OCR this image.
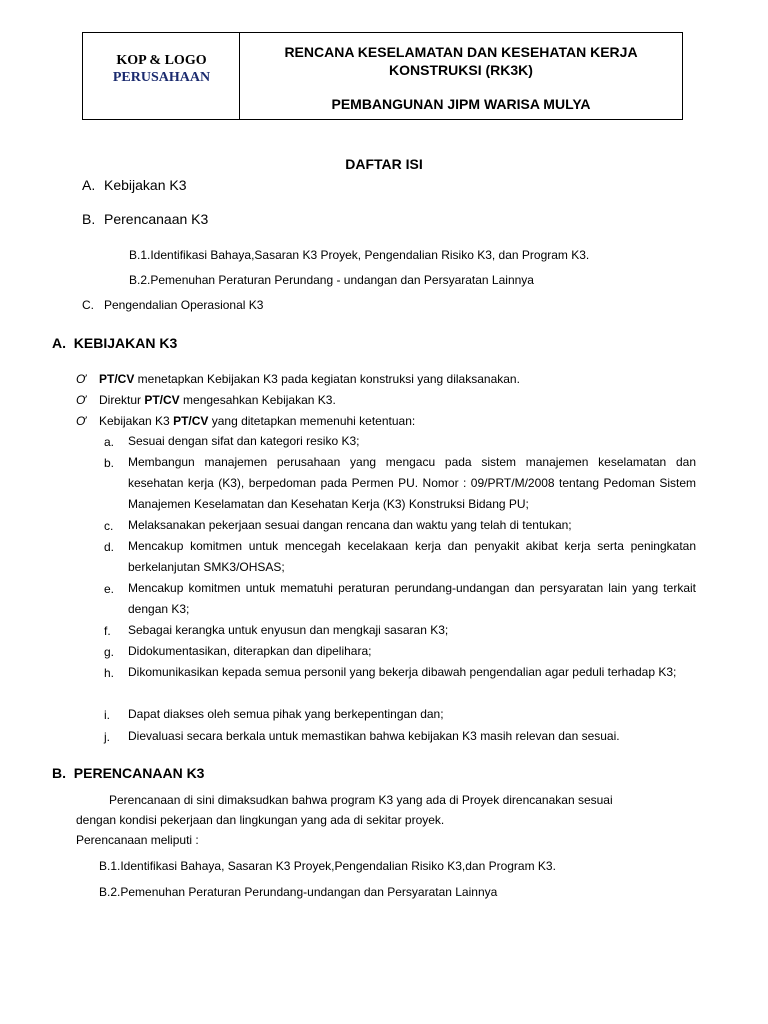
KOP & LOGO
PERUSAHAAN
RENCANA KESELAMATAN DAN KESEHATAN KERJA
KONSTRUKSI (RK3K)
PEMBANGUNAN JIPM WARISA MULYA
DAFTAR ISI
A. Kebijakan K3
B. Perencanaan K3
B.1.Identifikasi Bahaya,Sasaran K3 Proyek, Pengendalian Risiko K3, dan Program K3.
B.2.Pemenuhan Peraturan Perundang - undangan dan Persyaratan Lainnya
C. Pengendalian Operasional K3
A.  KEBIJAKAN K3
Ơ PT/CV menetapkan Kebijakan K3 pada kegiatan konstruksi yang dilaksanakan.
Ơ Direktur PT/CV mengesahkan Kebijakan K3.
Ơ Kebijakan K3 PT/CV yang ditetapkan memenuhi ketentuan:
a. Sesuai dengan sifat dan kategori resiko K3;
b. Membangun manajemen perusahaan yang mengacu pada sistem manajemen keselamatan dan kesehatan kerja (K3), berpedoman pada Permen PU. Nomor : 09/PRT/M/2008 tentang Pedoman Sistem Manajemen Keselamatan dan Kesehatan Kerja (K3) Konstruksi Bidang PU;
c. Melaksanakan pekerjaan sesuai dangan rencana dan waktu yang telah di tentukan;
d. Mencakup komitmen untuk mencegah kecelakaan kerja dan penyakit akibat kerja serta peningkatan berkelanjutan SMK3/OHSAS;
e. Mencakup komitmen untuk mematuhi peraturan perundang-undangan dan persyaratan lain yang terkait dengan K3;
f. Sebagai kerangka untuk enyusun dan mengkaji sasaran K3;
g. Didokumentasikan, diterapkan dan dipelihara;
h. Dikomunikasikan kepada semua personil yang bekerja dibawah pengendalian agar peduli terhadap K3;
i. Dapat diakses oleh semua pihak yang berkepentingan dan;
j. Dievaluasi secara berkala untuk memastikan bahwa kebijakan K3 masih relevan dan sesuai.
B.  PERENCANAAN K3
Perencanaan di sini dimaksudkan bahwa program K3 yang ada di Proyek direncanakan sesuai
dengan kondisi pekerjaan dan lingkungan yang ada di sekitar proyek.
Perencanaan meliputi :
B.1.Identifikasi Bahaya, Sasaran K3 Proyek,Pengendalian Risiko K3,dan Program K3.
B.2.Pemenuhan Peraturan Perundang-undangan dan Persyaratan Lainnya
